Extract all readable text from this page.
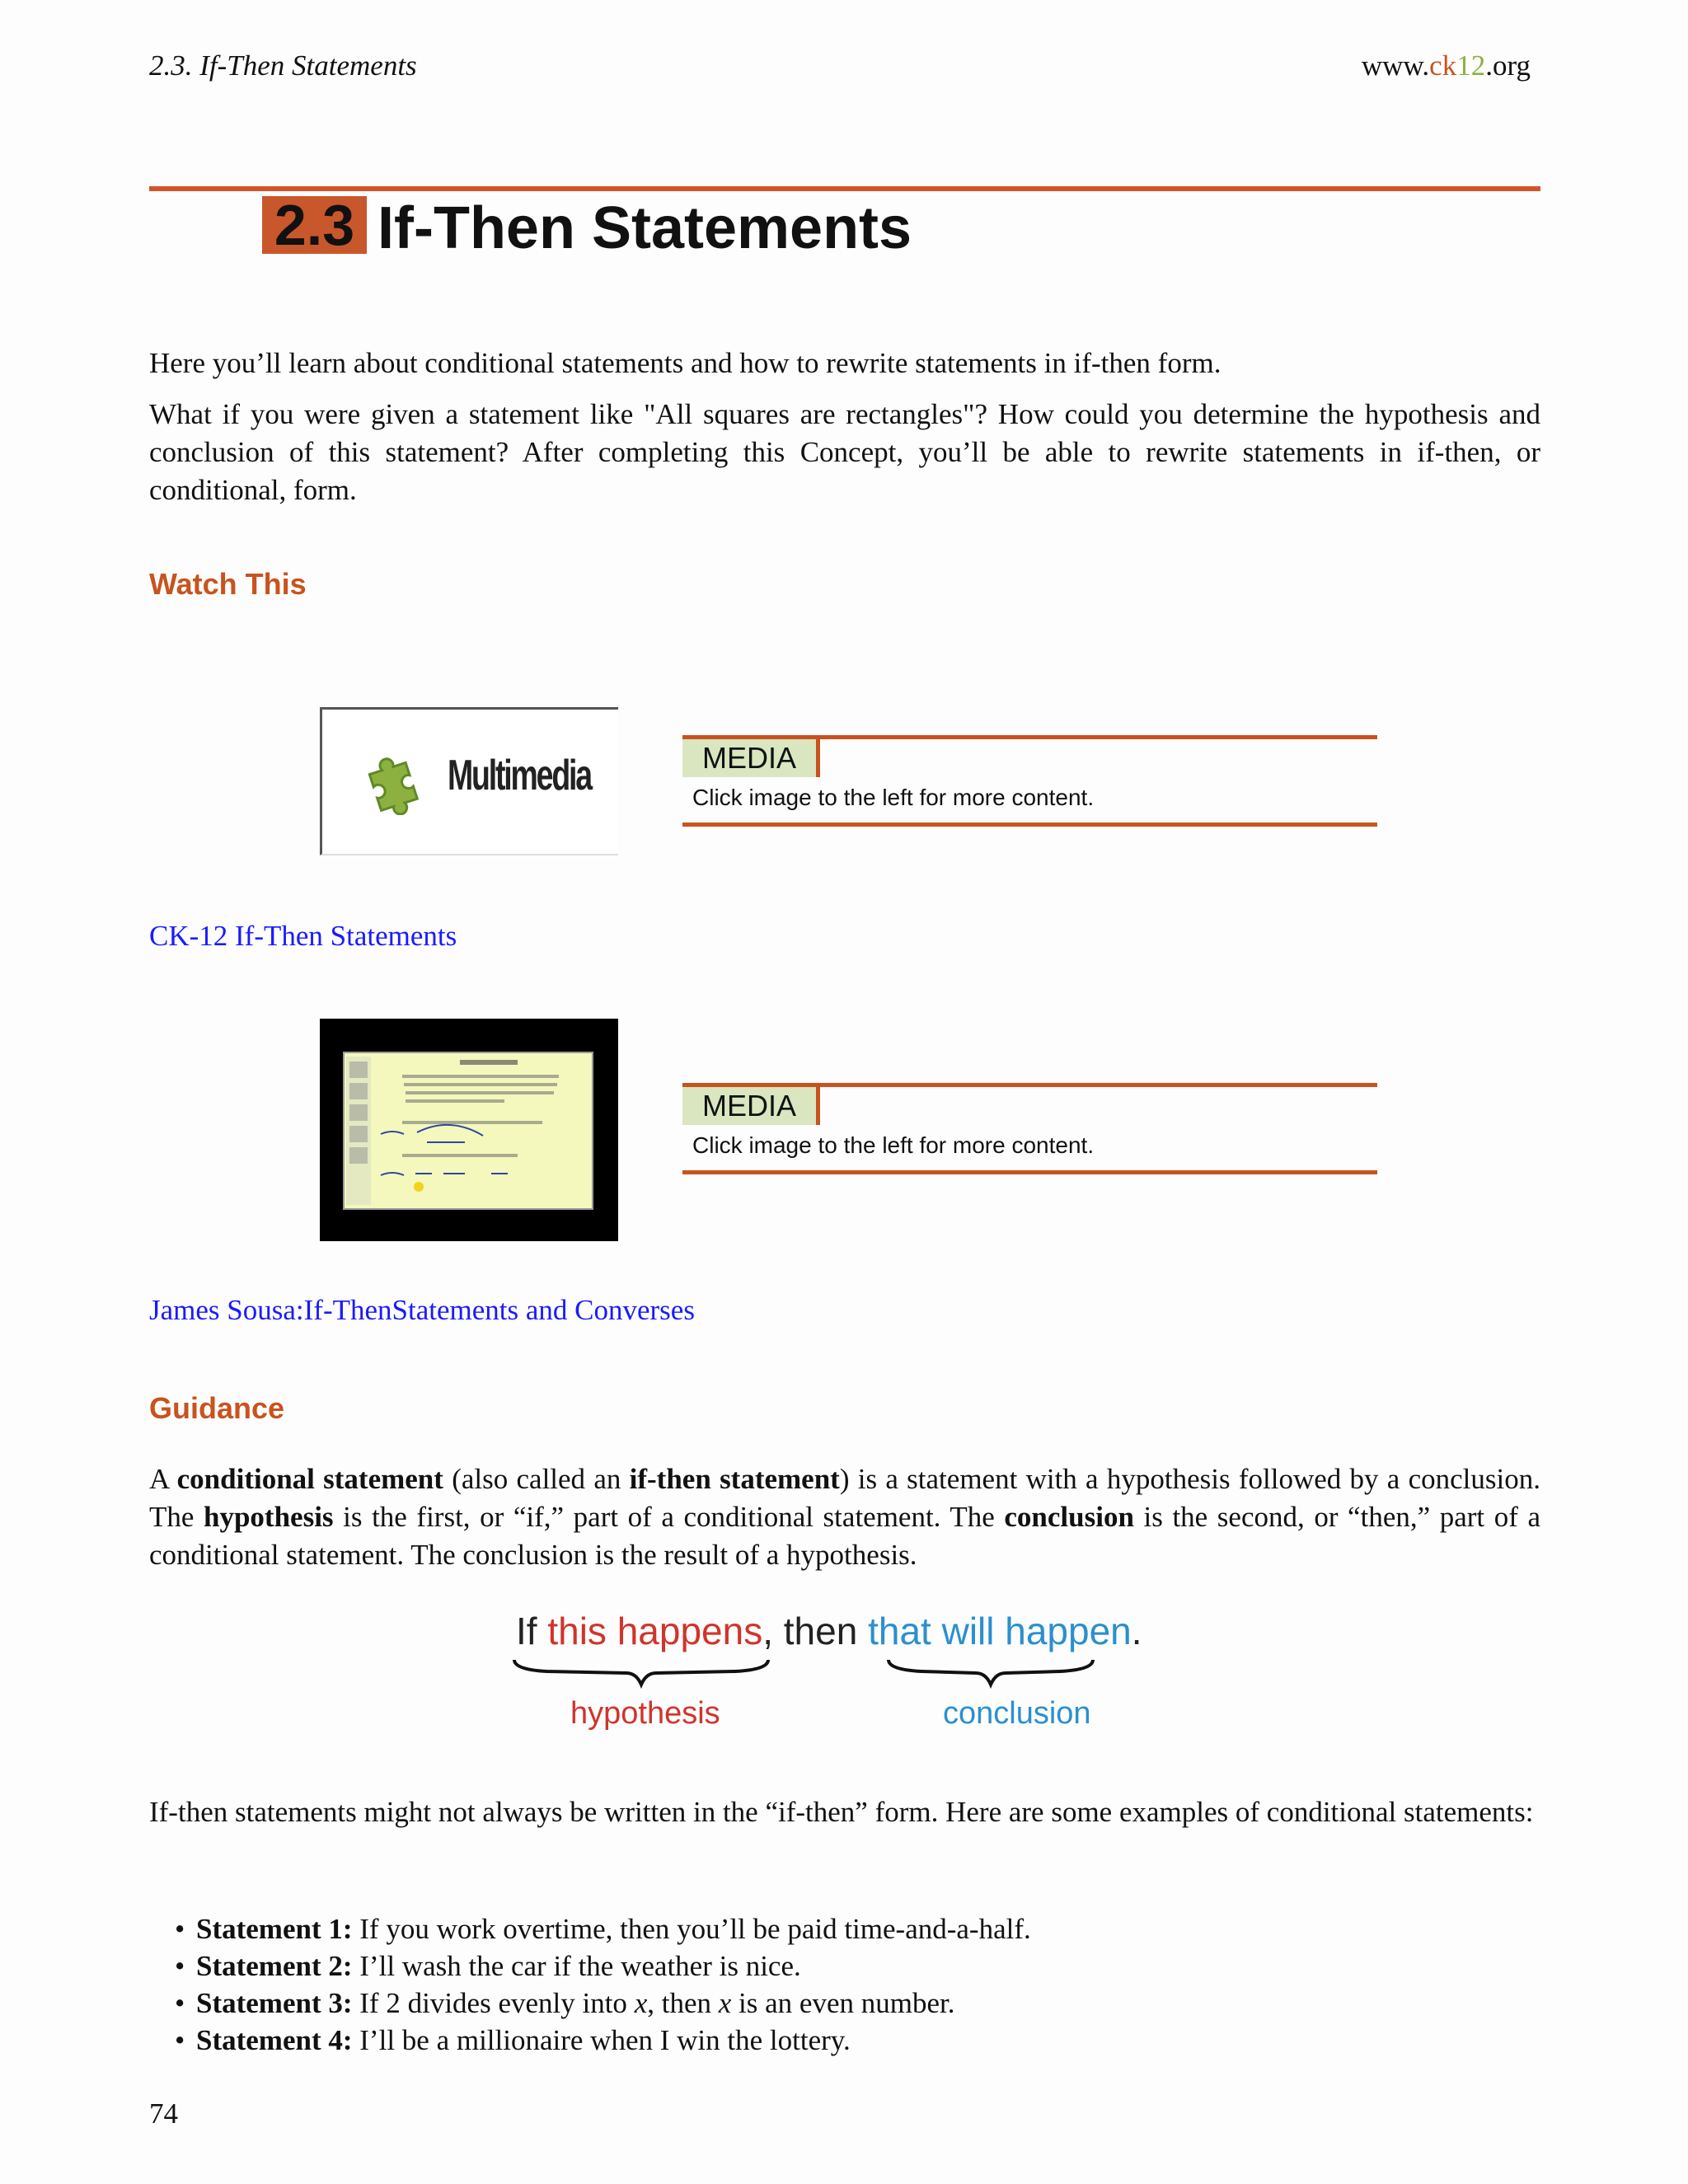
2.3. If-Then Statements	www.ck12.org
2.3 If-Then Statements
Here you’ll learn about conditional statements and how to rewrite statements in if-then form.
What if you were given a statement like "All squares are rectangles"? How could you determine the hypothesis and conclusion of this statement? After completing this Concept, you’ll be able to rewrite statements in if-then, or conditional, form.
Watch This
Multimedia	MEDIA
Click image to the left for more content.
CK-12 If-Then Statements
MEDIA
Click image to the left for more content.
James Sousa:If-ThenStatements and Converses
Guidance
A conditional statement (also called an if-then statement) is a statement with a hypothesis followed by a conclusion. The hypothesis is the first, or “if,” part of a conditional statement. The conclusion is the second, or “then,” part of a conditional statement. The conclusion is the result of a hypothesis.
If this happens, then that will happen.
hypothesis	conclusion
If-then statements might not always be written in the “if-then” form. Here are some examples of conditional statements:
• Statement 1: If you work overtime, then you’ll be paid time-and-a-half.
• Statement 2: I’ll wash the car if the weather is nice.
• Statement 3: If 2 divides evenly into x, then x is an even number.
• Statement 4: I’ll be a millionaire when I win the lottery.
74
